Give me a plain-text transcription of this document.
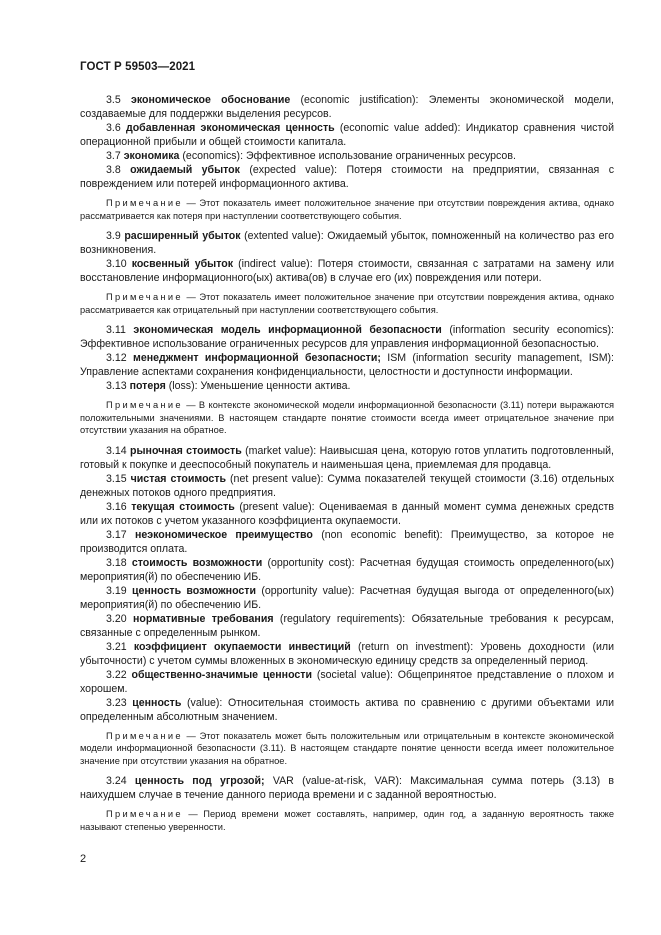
ГОСТ Р 59503—2021

3.5 экономическое обоснование (economic justification): Элементы экономической модели, создаваемые для поддержки выделения ресурсов.

3.6 добавленная экономическая ценность (economic value added): Индикатор сравнения чистой операционной прибыли и общей стоимости капитала.

3.7 экономика (economics): Эффективное использование ограниченных ресурсов.

3.8 ожидаемый убыток (expected value): Потеря стоимости на предприятии, связанная с повреждением или потерей информационного актива.

Примечание — Этот показатель имеет положительное значение при отсутствии повреждения актива, однако рассматривается как потеря при наступлении соответствующего события.

3.9 расширенный убыток (extented value): Ожидаемый убыток, помноженный на количество раз его возникновения.

3.10 косвенный убыток (indirect value): Потеря стоимости, связанная с затратами на замену или восстановление информационного(ых) актива(ов) в случае его (их) повреждения или потери.

Примечание — Этот показатель имеет положительное значение при отсутствии повреждения актива, однако рассматривается как отрицательный при наступлении соответствующего события.

3.11 экономическая модель информационной безопасности (information security economics): Эффективное использование ограниченных ресурсов для управления информационной безопасностью.

3.12 менеджмент информационной безопасности; ISM (information security management, ISM): Управление аспектами сохранения конфиденциальности, целостности и доступности информации.

3.13 потеря (loss): Уменьшение ценности актива.

Примечание — В контексте экономической модели информационной безопасности (3.11) потери выражаются положительными значениями. В настоящем стандарте понятие стоимости всегда имеет отрицательное значение при отсутствии указания на обратное.

3.14 рыночная стоимость (market value): Наивысшая цена, которую готов уплатить подготовленный, готовый к покупке и дееспособный покупатель и наименьшая цена, приемлемая для продавца.

3.15 чистая стоимость (net present value): Сумма показателей текущей стоимости (3.16) отдельных денежных потоков одного предприятия.

3.16 текущая стоимость (present value): Оцениваемая в данный момент сумма денежных средств или их потоков с учетом указанного коэффициента окупаемости.

3.17 неэкономическое преимущество (non economic benefit): Преимущество, за которое не производится оплата.

3.18 стоимость возможности (opportunity cost): Расчетная будущая стоимость определенного(ых) мероприятия(й) по обеспечению ИБ.

3.19 ценность возможности (opportunity value): Расчетная будущая выгода от определенного(ых) мероприятия(й) по обеспечению ИБ.

3.20 нормативные требования (regulatory requirements): Обязательные требования к ресурсам, связанные с определенным рынком.

3.21 коэффициент окупаемости инвестиций (return on investment): Уровень доходности (или убыточности) с учетом суммы вложенных в экономическую единицу средств за определенный период.

3.22 общественно-значимые ценности (societal value): Общепринятое представление о плохом и хорошем.

3.23 ценность (value): Относительная стоимость актива по сравнению с другими объектами или определенным абсолютным значением.

Примечание — Этот показатель может быть положительным или отрицательным в контексте экономической модели информационной безопасности (3.11). В настоящем стандарте понятие ценности всегда имеет положительное значение при отсутствии указания на обратное.

3.24 ценность под угрозой; VAR (value-at-risk, VAR): Максимальная сумма потерь (3.13) в наихудшем случае в течение данного периода времени и с заданной вероятностью.

Примечание — Период времени может составлять, например, один год, а заданную вероятность также называют степенью уверенности.

2
